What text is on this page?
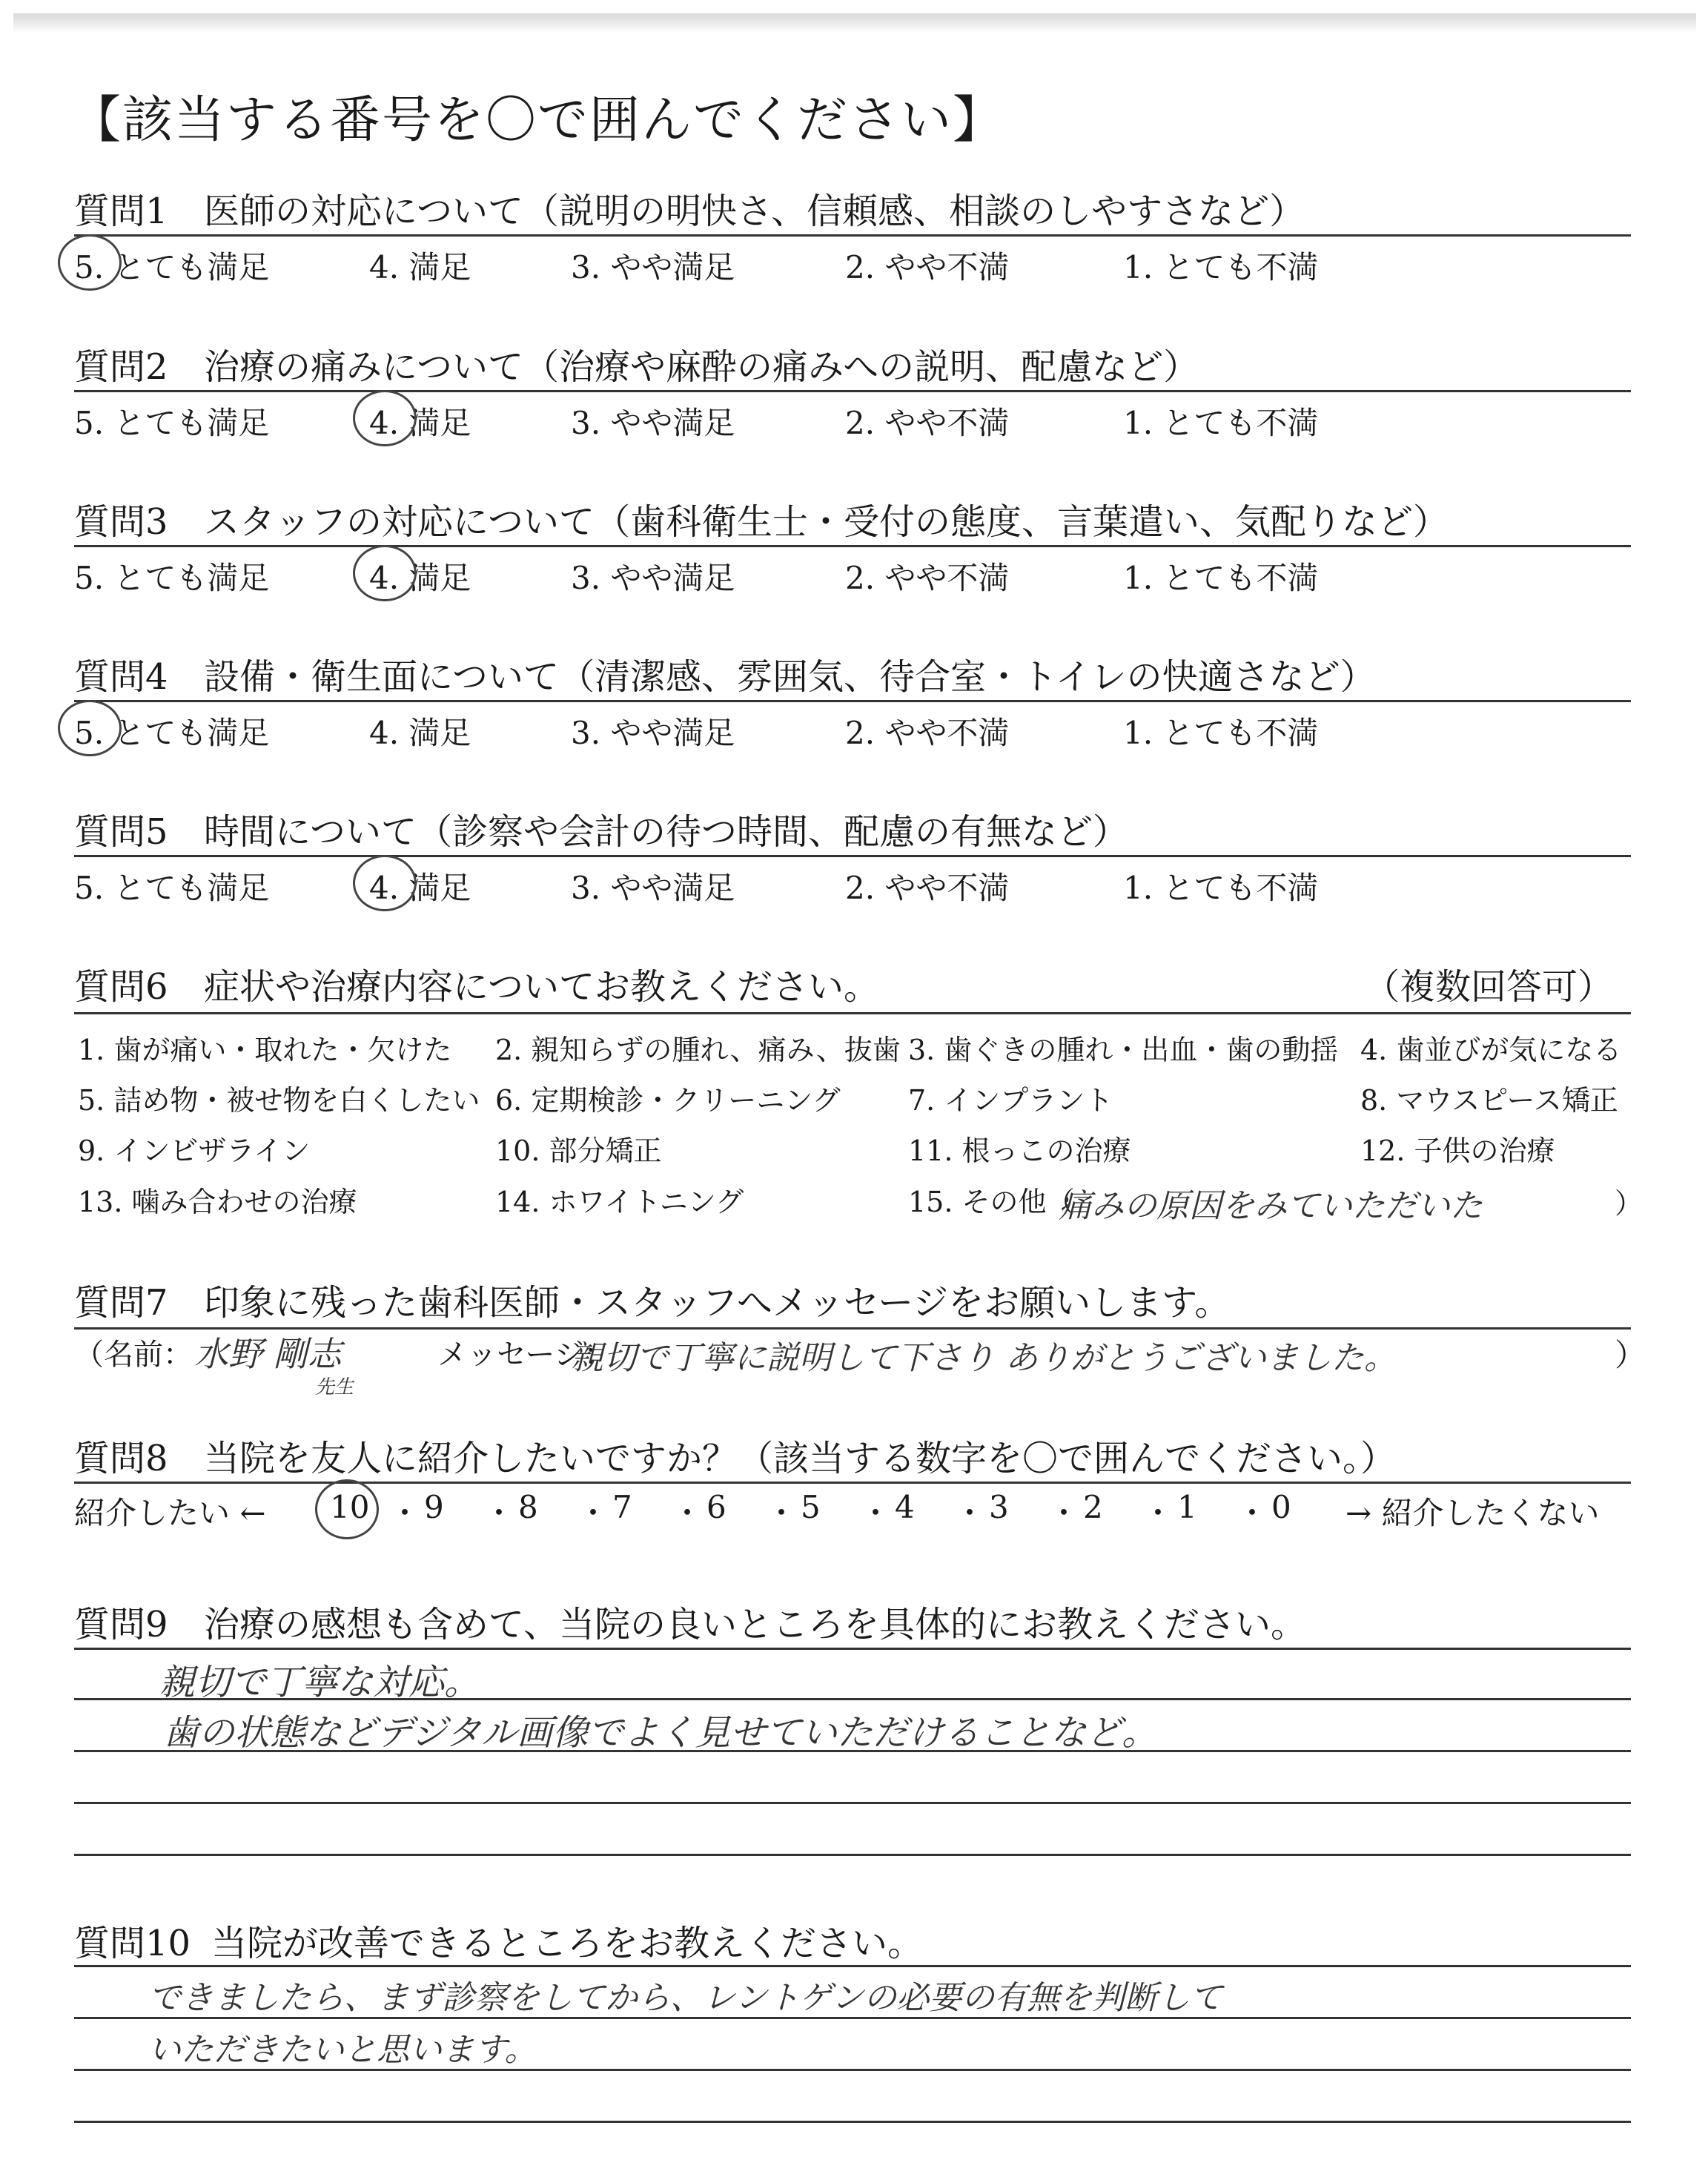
【該当する番号を〇で囲んでください】
質問1 医師の対応について（説明の明快さ、信頼感、相談のしやすさなど）
5. とても満足	4. 満足	3. やや満足	2. やや不満	1. とても不満
質問2 治療の痛みについて（治療や麻酔の痛みへの説明、配慮など）
5. とても満足	4. 満足	3. やや満足	2. やや不満	1. とても不満
質問3 スタッフの対応について（歯科衛生士・受付の態度、言葉遣い、気配りなど）
5. とても満足	4. 満足	3. やや満足	2. やや不満	1. とても不満
質問4 設備・衛生面について（清潔感、雰囲気、待合室・トイレの快適さなど）
5. とても満足	4. 満足	3. やや満足	2. やや不満	1. とても不満
質問5 時間について（診察や会計の待つ時間、配慮の有無など）
5. とても満足	4. 満足	3. やや満足	2. やや不満	1. とても不満
質問6 症状や治療内容についてお教えください。	（複数回答可）
1. 歯が痛い・取れた・欠けた 2. 親知らずの腫れ、痛み、抜歯 3. 歯ぐきの腫れ・出血・歯の動揺 4. 歯並びが気になる
5. 詰め物・被せ物を白くしたい 6. 定期検診・クリーニング 7. インプラント	8. マウスピース矯正
9. インビザライン	10. 部分矯正	11. 根っこの治療	12. 子供の治療
13. 噛み合わせの治療	14. ホワイトニング	15. その他（
痛みの原因をみていただいた	）
質問7 印象に残った歯科医師・スタッフへメッセージをお願いします。
（名前： 水野 剛志
先生
メッセージ：
親切で丁寧に説明して下さり ありがとうございました。	）
質問8 当院を友人に紹介したいですか？（該当する数字を〇で囲んでください。）
紹介したい ← 10 ・ 9 ・ 8 ・ 7 ・ 6 ・ 5 ・ 4 ・ 3 ・ 2 ・ 1 ・ 0 → 紹介したくない
質問9 治療の感想も含めて、当院の良いところを具体的にお教えください。
親切で丁寧な対応。
歯の状態などデジタル画像でよく見せていただけることなど。
質問10 当院が改善できるところをお教えください。
できましたら、まず診察をしてから、レントゲンの必要の有無を判断して
いただきたいと思います。
